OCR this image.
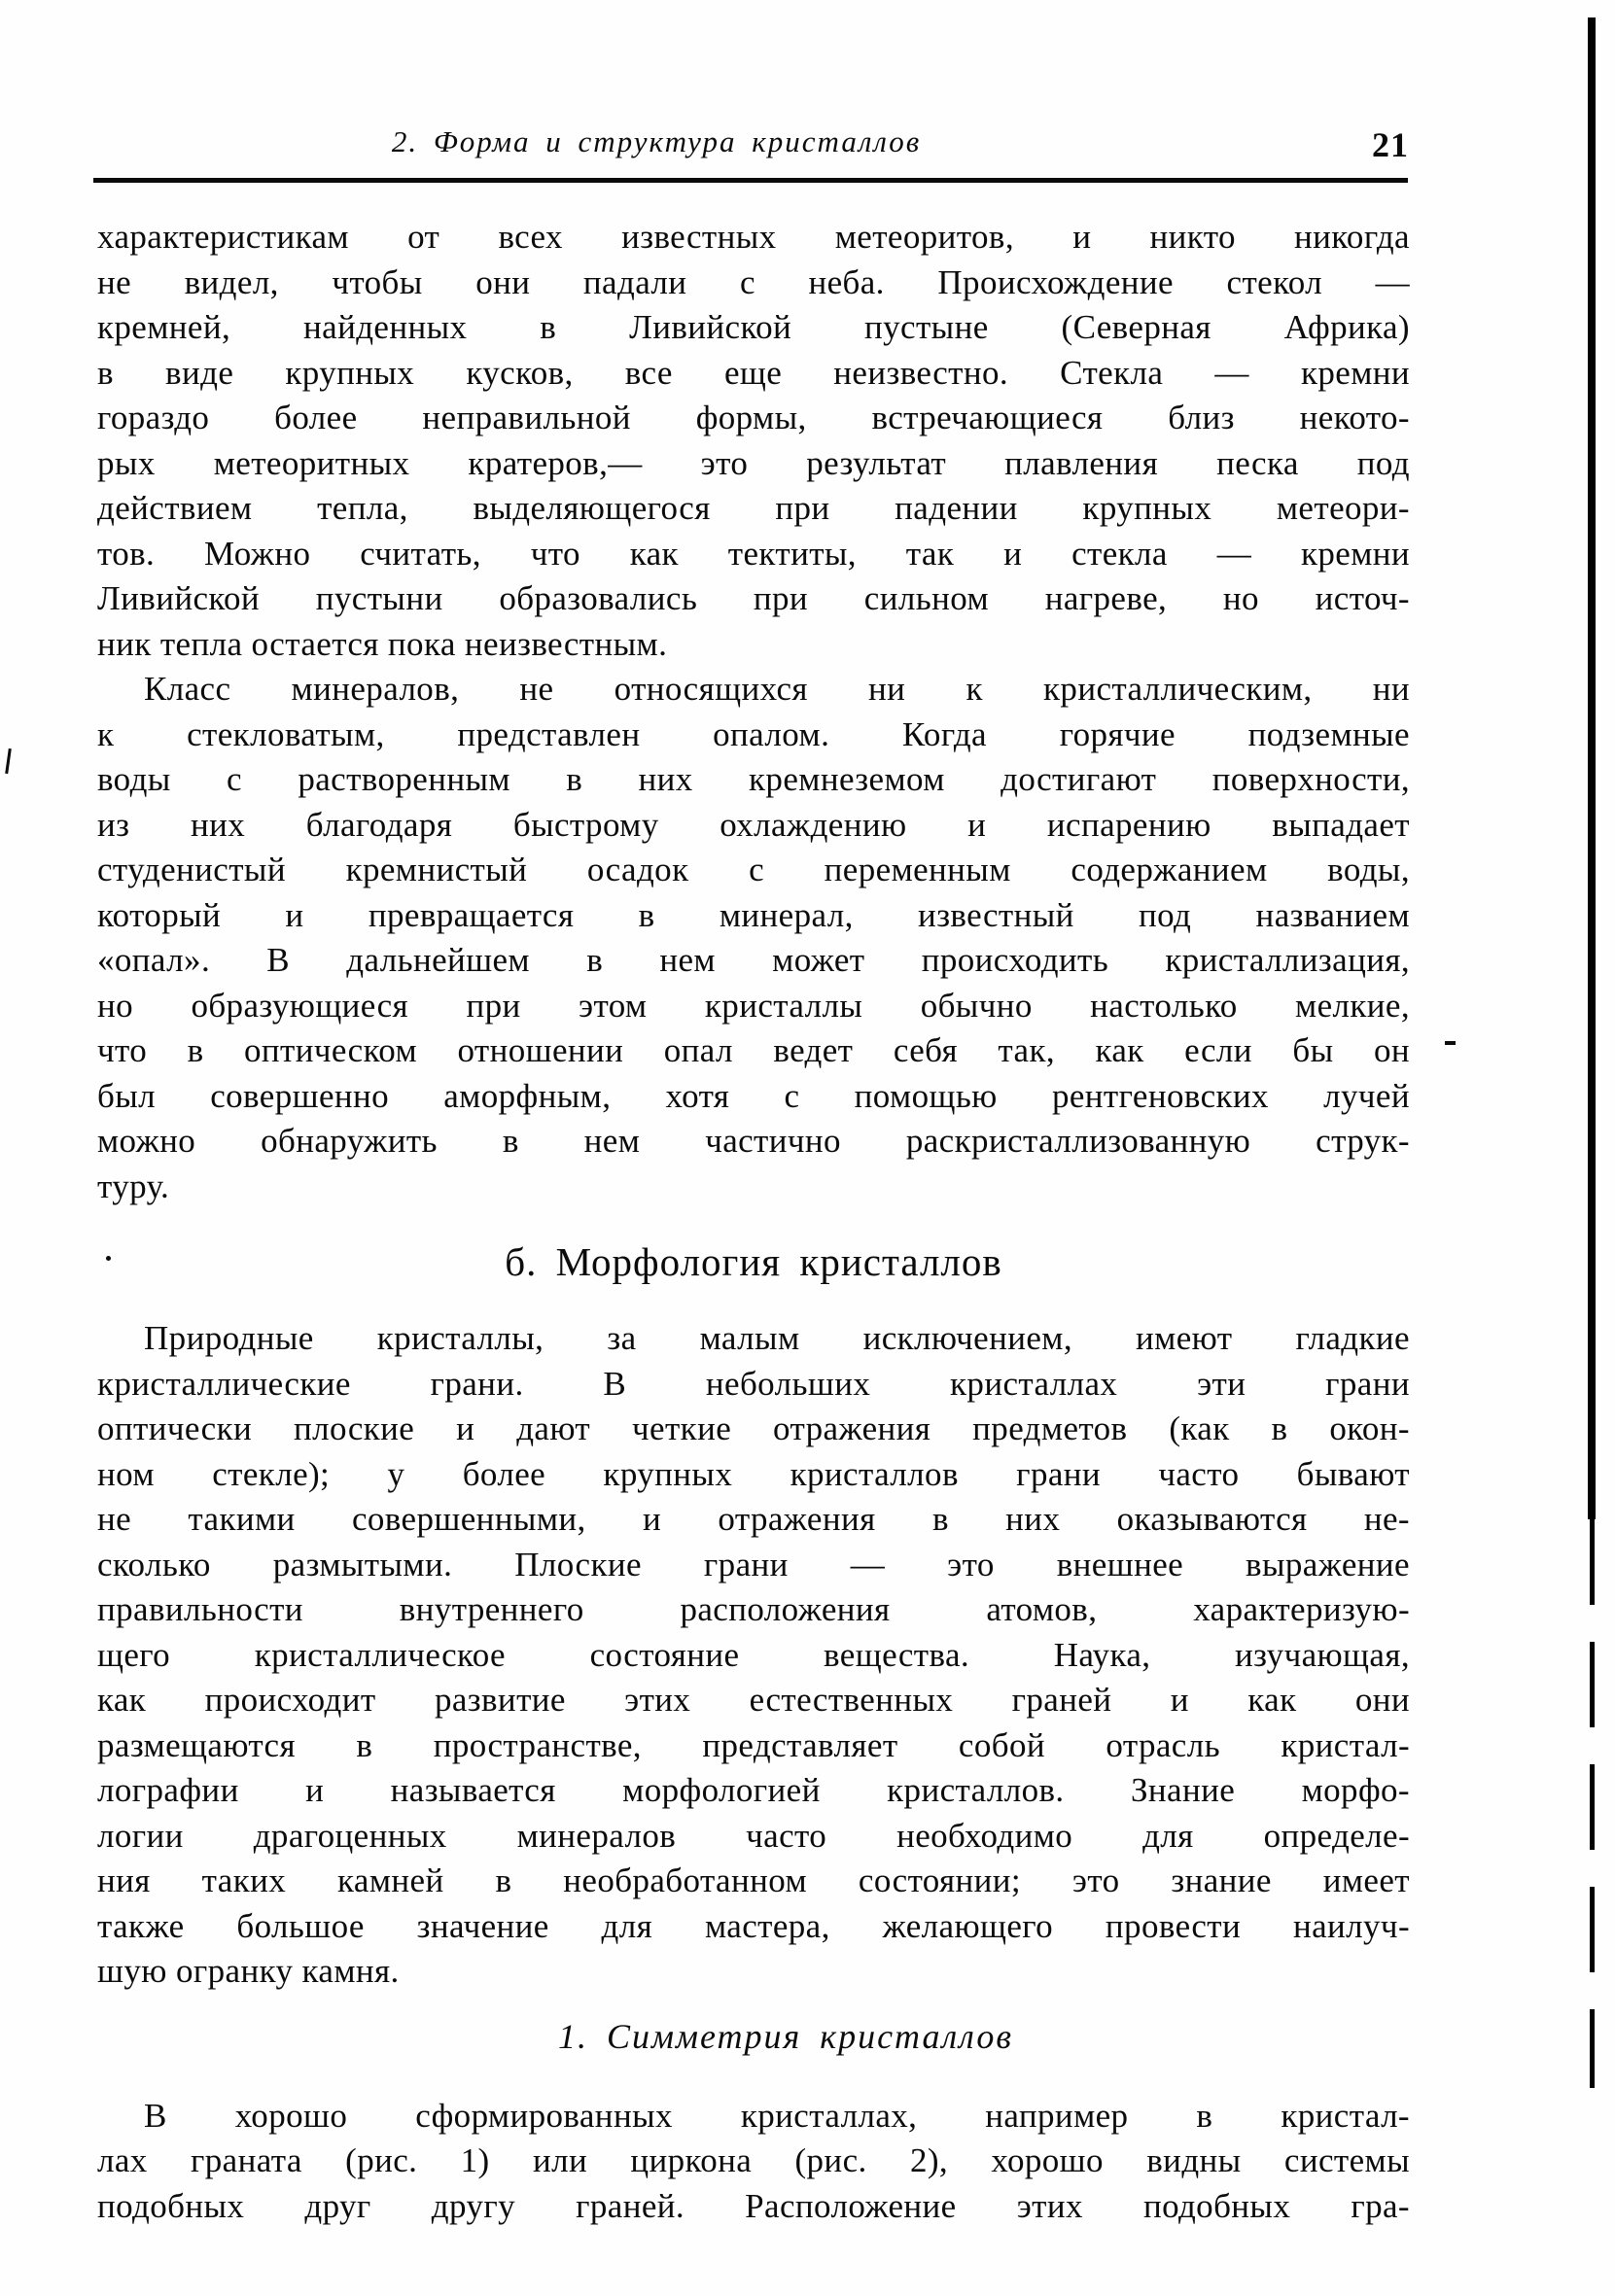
2. Форма и структура кристаллов	21
характеристикам от всех известных метеоритов, и никто никогда
не видел, чтобы они падали с неба. Происхождение стекол —
кремней, найденных в Ливийской пустыне (Северная Африка)
в виде крупных кусков, все еще неизвестно. Стекла — кремни
гораздо более неправильной формы, встречающиеся близ некото-
рых метеоритных кратеров,— это результат плавления песка под
действием тепла, выделяющегося при падении крупных метеори-
тов. Можно считать, что как тектиты, так и стекла — кремни
Ливийской пустыни образовались при сильном нагреве, но источ-
ник тепла остается пока неизвестным.
Класс минералов, не относящихся ни к кристаллическим, ни
к стекловатым, представлен опалом. Когда горячие подземные
воды с растворенным в них кремнеземом достигают поверхности,
из них благодаря быстрому охлаждению и испарению выпадает
студенистый кремнистый осадок с переменным содержанием воды,
который и превращается в минерал, известный под названием
«опал». В дальнейшем в нем может происходить кристаллизация,
но образующиеся при этом кристаллы обычно настолько мелкие,
что в оптическом отношении опал ведет себя так, как если бы он
был совершенно аморфным, хотя с помощью рентгеновских лучей
можно обнаружить в нем частично раскристаллизованную струк-
туру.
б. Морфология кристаллов
Природные кристаллы, за малым исключением, имеют гладкие
кристаллические грани. В небольших кристаллах эти грани
оптически плоские и дают четкие отражения предметов (как в окон-
ном стекле); у более крупных кристаллов грани часто бывают
не такими совершенными, и отражения в них оказываются не-
сколько размытыми. Плоские грани — это внешнее выражение
правильности внутреннего расположения атомов, характеризую-
щего кристаллическое состояние вещества. Наука, изучающая,
как происходит развитие этих естественных граней и как они
размещаются в пространстве, представляет собой отрасль кристал-
лографии и называется морфологией кристаллов. Знание морфо-
логии драгоценных минералов часто необходимо для определе-
ния таких камней в необработанном состоянии; это знание имеет
также большое значение для мастера, желающего провести наилуч-
шую огранку камня.
1. Симметрия кристаллов
В хорошо сформированных кристаллах, например в кристал-
лах граната (рис. 1) или циркона (рис. 2), хорошо видны системы
подобных друг другу граней. Расположение этих подобных гра-
